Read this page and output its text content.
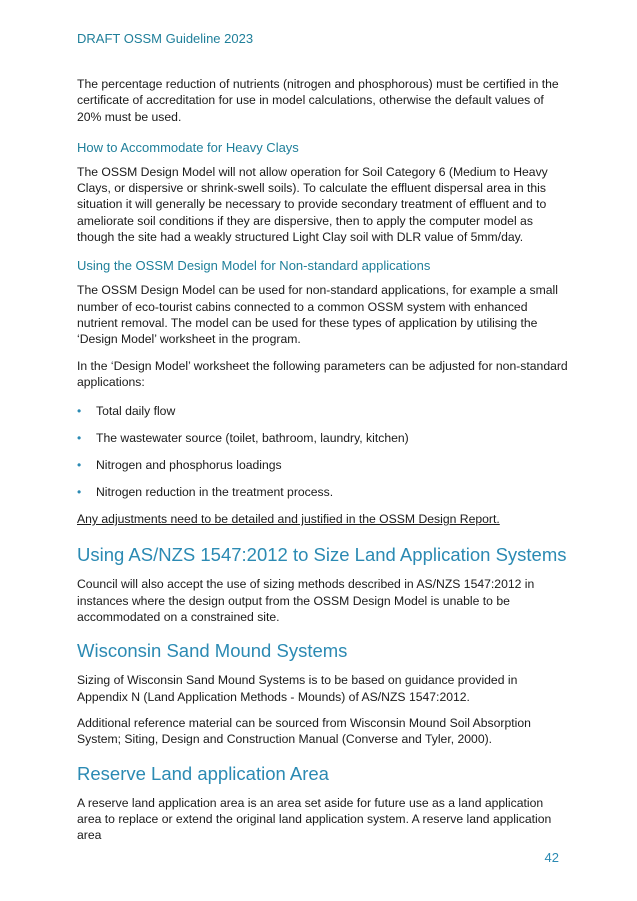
DRAFT OSSM Guideline 2023

The percentage reduction of nutrients (nitrogen and phosphorous) must be certified in the certificate of accreditation for use in model calculations, otherwise the default values of 20% must be used.

How to Accommodate for Heavy Clays

The OSSM Design Model will not allow operation for Soil Category 6 (Medium to Heavy Clays, or dispersive or shrink-swell soils). To calculate the effluent dispersal area in this situation it will generally be necessary to provide secondary treatment of effluent and to ameliorate soil conditions if they are dispersive, then to apply the computer model as though the site had a weakly structured Light Clay soil with DLR value of 5mm/day.

Using the OSSM Design Model for Non-standard applications

The OSSM Design Model can be used for non-standard applications, for example a small number of eco-tourist cabins connected to a common OSSM system with enhanced nutrient removal. The model can be used for these types of application by utilising the ‘Design Model’ worksheet in the program.

In the ‘Design Model’ worksheet the following parameters can be adjusted for non-standard applications:

• Total daily flow
• The wastewater source (toilet, bathroom, laundry, kitchen)
• Nitrogen and phosphorus loadings
• Nitrogen reduction in the treatment process.

Any adjustments need to be detailed and justified in the OSSM Design Report.

Using AS/NZS 1547:2012 to Size Land Application Systems

Council will also accept the use of sizing methods described in AS/NZS 1547:2012 in instances where the design output from the OSSM Design Model is unable to be accommodated on a constrained site.

Wisconsin Sand Mound Systems

Sizing of Wisconsin Sand Mound Systems is to be based on guidance provided in Appendix N (Land Application Methods - Mounds) of AS/NZS 1547:2012.

Additional reference material can be sourced from Wisconsin Mound Soil Absorption System; Siting, Design and Construction Manual (Converse and Tyler, 2000).

Reserve Land application Area

A reserve land application area is an area set aside for future use as a land application area to replace or extend the original land application system. A reserve land application area

42
